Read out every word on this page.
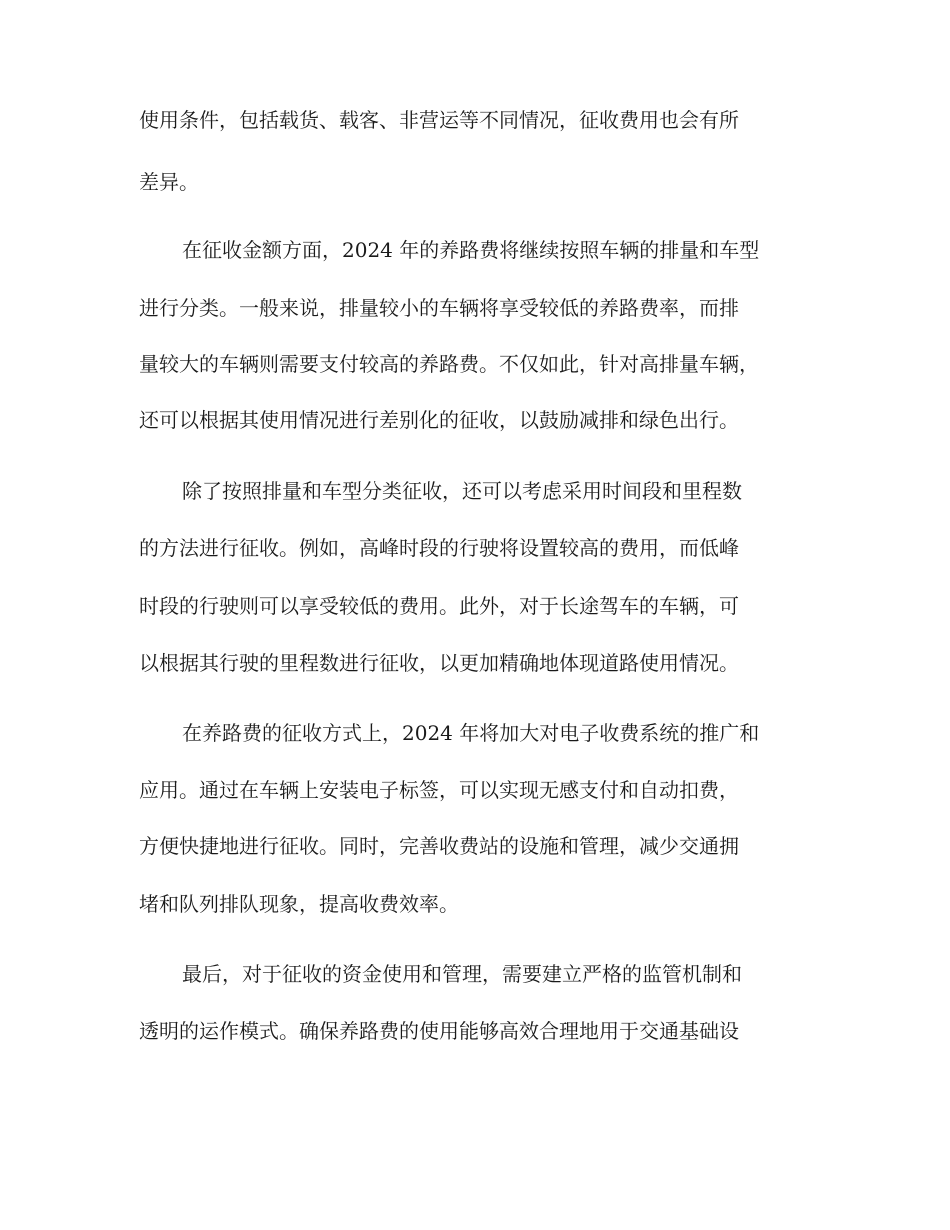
使用条件，包括载货、载客、非营运等不同情况，征收费用也会有所

差异。

在征收金额方面，2024 年的养路费将继续按照车辆的排量和车型

进行分类。一般来说，排量较小的车辆将享受较低的养路费率，而排

量较大的车辆则需要支付较高的养路费。不仅如此，针对高排量车辆，

还可以根据其使用情况进行差别化的征收，以鼓励减排和绿色出行。

除了按照排量和车型分类征收，还可以考虑采用时间段和里程数

的方法进行征收。例如，高峰时段的行驶将设置较高的费用，而低峰

时段的行驶则可以享受较低的费用。此外，对于长途驾车的车辆，可

以根据其行驶的里程数进行征收，以更加精确地体现道路使用情况。

在养路费的征收方式上，2024 年将加大对电子收费系统的推广和

应用。通过在车辆上安装电子标签，可以实现无感支付和自动扣费，

方便快捷地进行征收。同时，完善收费站的设施和管理，减少交通拥

堵和队列排队现象，提高收费效率。

最后，对于征收的资金使用和管理，需要建立严格的监管机制和

透明的运作模式。确保养路费的使用能够高效合理地用于交通基础设
